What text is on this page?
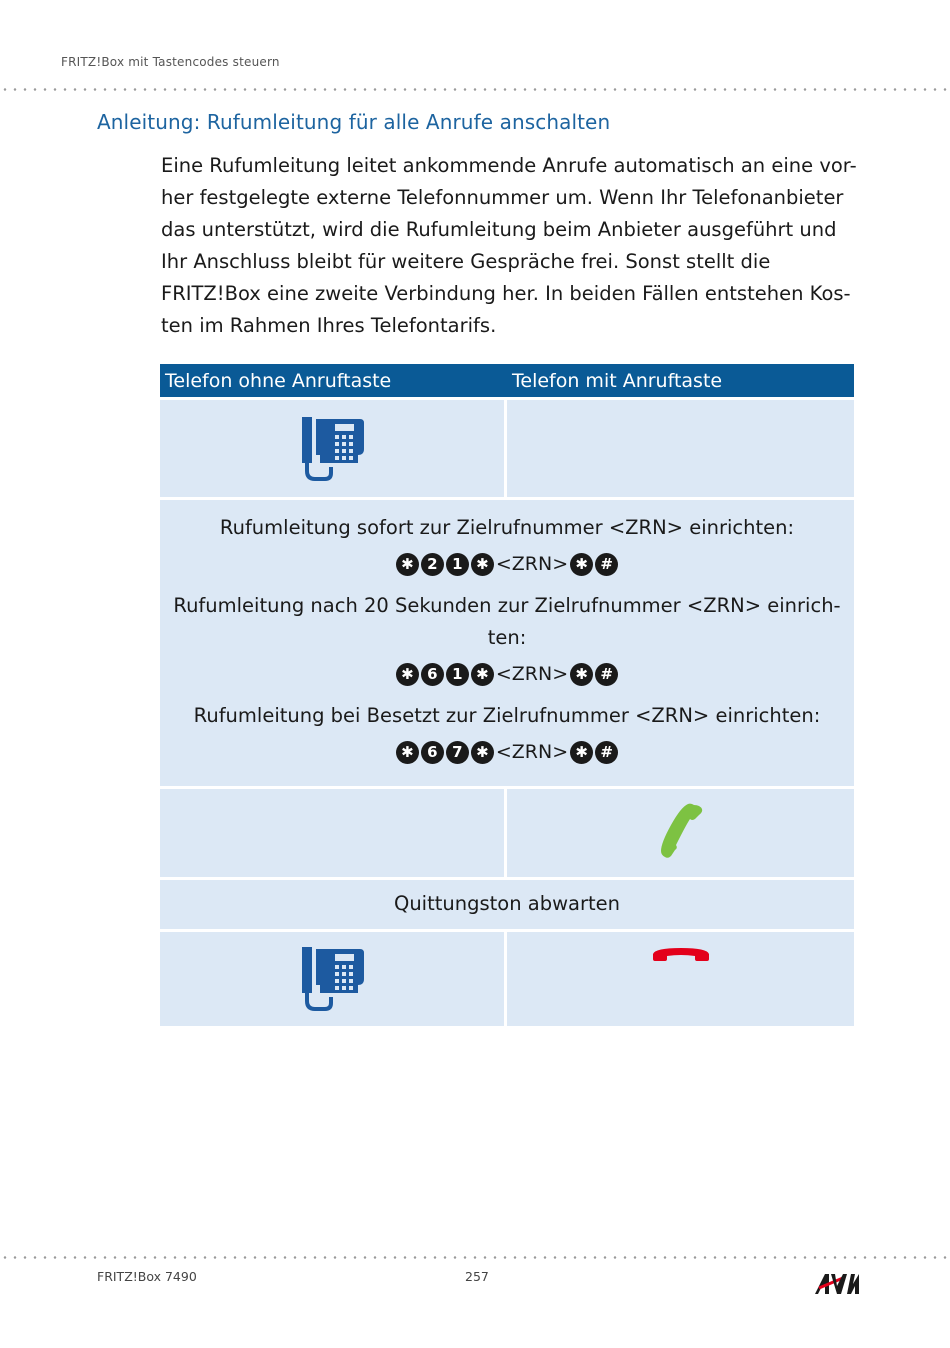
FRITZ!Box mit Tastencodes steuern
Anleitung: Rufumleitung für alle Anrufe anschalten
Eine Rufumleitung leitet ankommende Anrufe automatisch an eine vor-
her festgelegte externe Telefonnummer um. Wenn Ihr Telefonanbieter
das unterstützt, wird die Rufumleitung beim Anbieter ausgeführt und
Ihr Anschluss bleibt für weitere Gespräche frei. Sonst stellt die
FRITZ!Box eine zweite Verbindung her. In beiden Fällen entstehen Kos-
ten im Rahmen Ihres Telefontarifs.
Telefon ohne Anruftaste	Telefon mit Anruftaste
Rufumleitung sofort zur Zielrufnummer <ZRN> einrichten:
✱ 2 1 ✱ <ZRN> ✱ #
Rufumleitung nach 20 Sekunden zur Zielrufnummer <ZRN> einrich-
ten:
✱ 6 1 ✱ <ZRN> ✱ #
Rufumleitung bei Besetzt zur Zielrufnummer <ZRN> einrichten:
✱ 6 7 ✱ <ZRN> ✱ #
Quittungston abwarten
FRITZ!Box 7490	257
